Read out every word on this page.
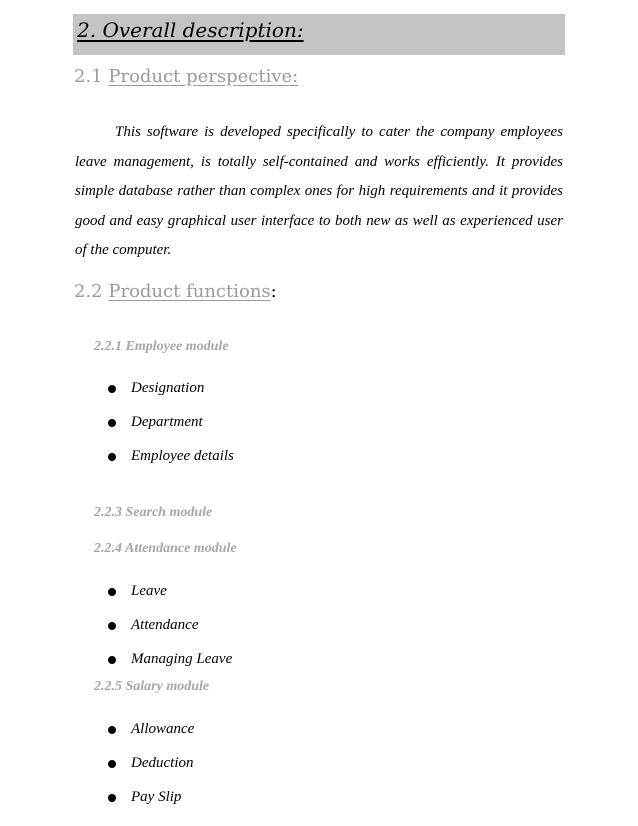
2. Overall description:
2.1 Product perspective:
This software is developed specifically to cater the company employees
leave management, is totally self-contained and works efficiently. It provides
simple database rather than complex ones for high requirements and it provides
good and easy graphical user interface to both new as well as experienced user
of the computer.
2.2 Product functions:
2.2.1 Employee module
Designation
Department
Employee details
2.2.3 Search module
2.2.4 Attendance module
Leave
Attendance
Managing Leave
2.2.5 Salary module
Allowance
Deduction
Pay Slip
